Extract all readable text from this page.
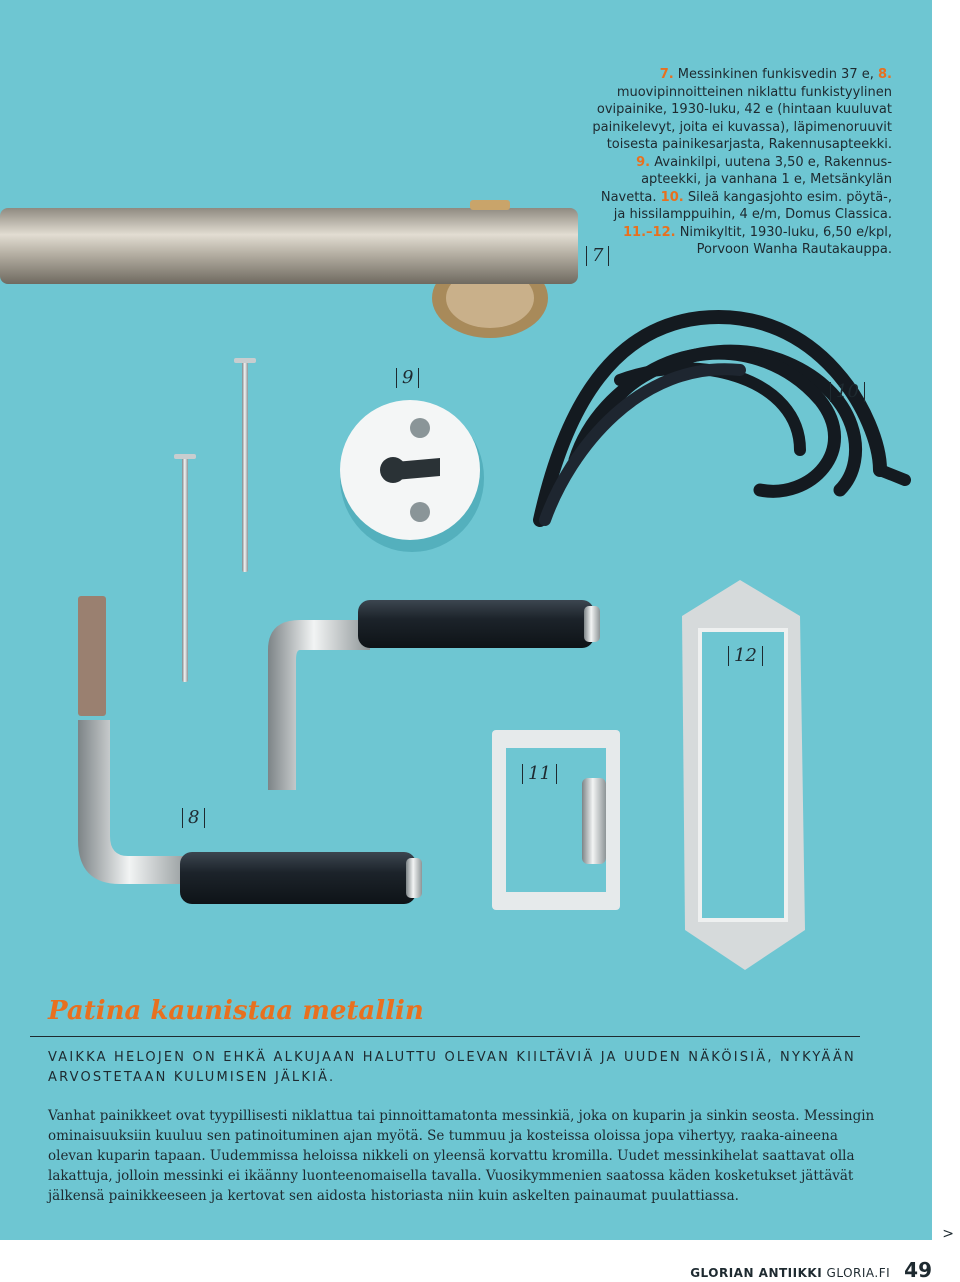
7. Messinkinen funkisvedin 37 e, 8. muovipinnoitteinen niklattu funkistyylinen ovipainike, 1930-luku, 42 e (hintaan kuuluvat painikelevyt, joita ei kuvassa), läpimenoruuvit toisesta painikesarjasta, Rakennusapteekki. 9. Avainkilpi, uutena 3,50 e, Rakennus-apteekki, ja vanhana 1 e, Metsänkylän Navetta. 10. Sileä kangasjohto esim. pöytä-, ja hissilamppuihin, 4 e/m, Domus Classica. 11.–12. Nimikyltit, 1930-luku, 6,50 e/kpl, Porvoon Wanha Rautakauppa.
7
9
10
12
11
8
Patina kaunistaa metallin
VAIKKA HELOJEN ON EHKÄ ALKUJAAN HALUTTU OLEVAN KIILTÄVIÄ JA UUDEN NÄKÖISIÄ, NYKYÄÄN ARVOSTETAAN KULUMISEN JÄLKIÄ.
Vanhat painikkeet ovat tyypillisesti niklattua tai pinnoittamatonta messinkiä, joka on kuparin ja sinkin seosta. Messingin ominaisuuksiin kuuluu sen patinoituminen ajan myötä. Se tummuu ja kosteissa oloissa jopa vihertyy, raaka-aineena olevan kuparin tapaan. Uudemmissa heloissa nikkeli on yleensä korvattu kromilla. Uudet messinkihelat saattavat olla lakattuja, jolloin messinki ei ikäänny luonteenomaisella tavalla. Vuosikymmenien saatossa käden kosketukset jättävät jälkensä painikkeeseen ja kertovat sen aidosta historiasta niin kuin askelten painaumat puulattiassa.
>
GLORIAN ANTIIKKI GLORIA.FI 49
